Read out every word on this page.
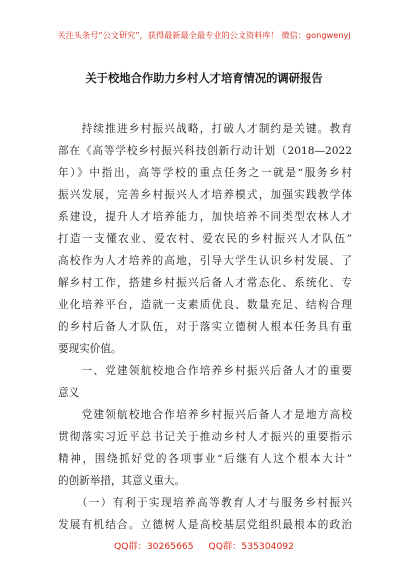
关注头条号“公文研究”，获得最新最全最专业的公文资料库！ 微信：gongwenyj
关于校地合作助力乡村人才培育情况的调研报告
　　持续推进乡村振兴战略，打破人才制约是关键。教育
部在《高等学校乡村振兴科技创新行动计划（2018—2022
年）》中指出，高等学校的重点任务之一就是“服务乡村
振兴发展，完善乡村振兴人才培养模式，加强实践教学体
系建设，提升人才培养能力，加快培养不同类型农林人才
打造一支懂农业、爱农村、爱农民的乡村振兴人才队伍”
高校作为人才培养的高地，引导大学生认识乡村发展、了
解乡村工作，搭建乡村振兴后备人才常态化、系统化、专
业化培养平台，造就一支素质优良、数量充足、结构合理
的乡村后备人才队伍，对于落实立德树人根本任务具有重
要现实价值。
　　一、党建领航校地合作培养乡村振兴后备人才的重要
意义
　　党建领航校地合作培养乡村振兴后备人才是地方高校
贯彻落实习近平总书记关于推动乡村人才振兴的重要指示
精神，围绕抓好党的各项事业“后继有人这个根本大计”
的创新举措，其意义重大。
　　（一）有利于实现培养高等教育人才与服务乡村振兴
发展有机结合。立德树人是高校基层党组织最根本的政治
QQ群：30265665 QQ群：535304092
